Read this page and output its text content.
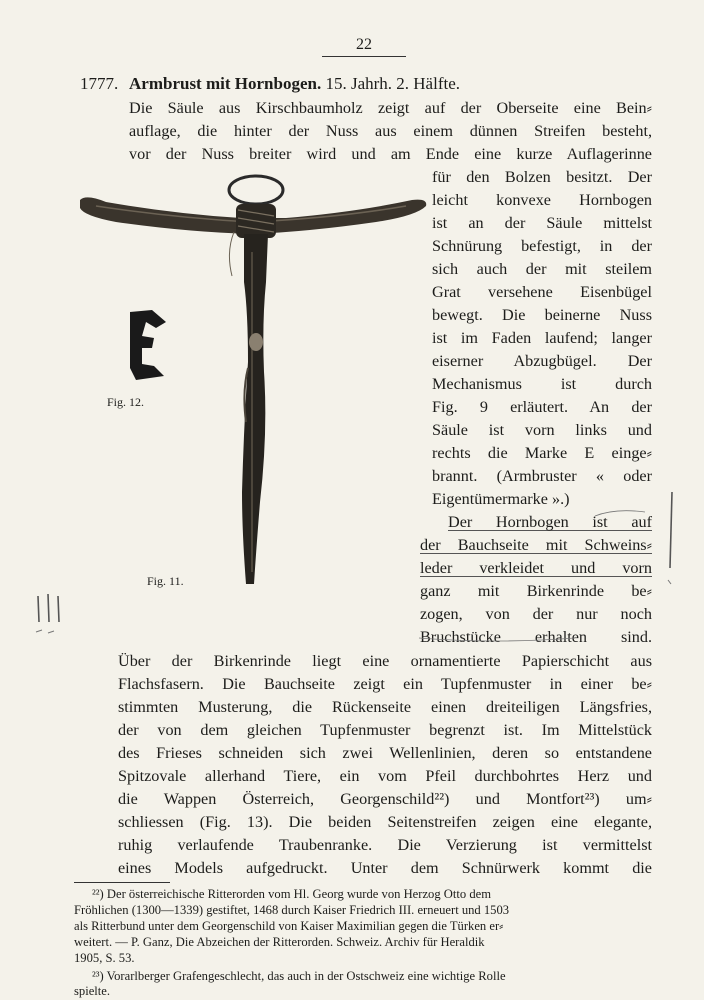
22
1777. Armbrust mit Hornbogen. 15. Jahrh. 2. Hälfte.
Die Säule aus Kirschbaumholz zeigt auf der Oberseite eine Bein⸗
auflage, die hinter der Nuss aus einem dünnen Streifen besteht,
vor der Nuss breiter wird und am Ende eine kurze Auflagerinne
für den Bolzen besitzt. Der
leicht konvexe Hornbogen
ist an der Säule mittelst
Schnürung befestigt, in der
sich auch der mit steilem
Grat versehene Eisenbügel
bewegt. Die beinerne Nuss
ist im Faden laufend; langer
eiserner Abzugbügel. Der
Mechanismus ist durch
Fig. 9 erläutert. An der
Säule ist vorn links und
rechts die Marke E einge⸗
brannt. (Armbruster « oder
Eigentümermarke ».)
Der Hornbogen ist auf
der Bauchseite mit Schweins⸗
leder verkleidet und vorn
ganz mit Birkenrinde be⸗
zogen, von der nur noch
Bruchstücke erhalten sind.
Über der Birkenrinde liegt eine ornamentierte Papierschicht aus
Flachsfasern. Die Bauchseite zeigt ein Tupfenmuster in einer be⸗
stimmten Musterung, die Rückenseite einen dreiteiligen Längsfries,
der von dem gleichen Tupfenmuster begrenzt ist. Im Mittelstück
des Frieses schneiden sich zwei Wellenlinien, deren so entstandene
Spitzovale allerhand Tiere, ein vom Pfeil durchbohrtes Herz und
die Wappen Österreich, Georgenschild²²) und Montfort²³) um⸗
schliessen (Fig. 13). Die beiden Seitenstreifen zeigen eine elegante,
ruhig verlaufende Traubenranke. Die Verzierung ist vermittelst
eines Models aufgedruckt. Unter dem Schnürwerk kommt die
²²) Der österreichische Ritterorden vom Hl. Georg wurde von Herzog Otto dem
Fröhlichen (1300—1339) gestiftet, 1468 durch Kaiser Friedrich III. erneuert und 1503
als Ritterbund unter dem Georgenschild von Kaiser Maximilian gegen die Türken er⸗
weitert. — P. Ganz, Die Abzeichen der Ritterorden. Schweiz. Archiv für Heraldik
1905, S. 53.
²³) Vorarlberger Grafengeschlecht, das auch in der Ostschweiz eine wichtige Rolle
spielte.
Fig. 12.
Fig. 11.
